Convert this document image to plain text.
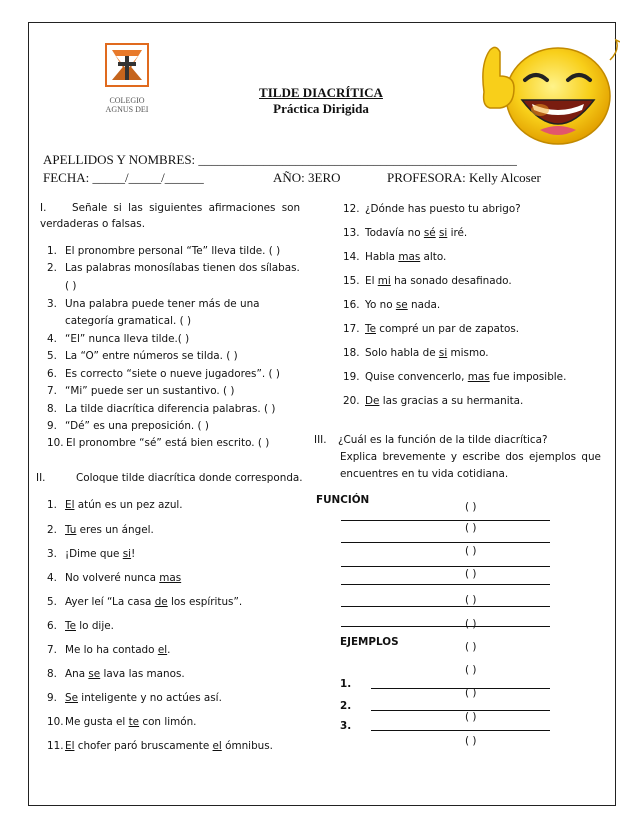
COLEGIO
AGNUS DEI
TILDE DIACRÍTICA
Práctica Dirigida
APELLIDOS Y NOMBRES: _________________________________________________
FECHA: _____/_____/______	AÑO: 3ERO	PROFESORA: Kelly Alcoser
I. Señale si las siguientes afirmaciones son
verdaderas o falsas.
1. El pronombre personal “Te” lleva tilde. ( )
2. Las palabras monosílabas tienen dos sílabas.
( )
3. Una palabra puede tener más de una
categoría gramatical. ( )
4. “El” nunca lleva tilde.( )
5. La “O” entre números se tilda. ( )
6. Es correcto “siete o nueve jugadores”. ( )
7. “Mi” puede ser un sustantivo. ( )
8. La tilde diacrítica diferencia palabras. ( )
9. “Dé” es una preposición. ( )
10. El pronombre “sé” está bien escrito. ( )
II.	Coloque tilde diacrítica donde corresponda.
1. El atún es un pez azul.
2. Tu eres un ángel.
3. ¡Dime que si!
4. No volveré nunca mas
5. Ayer leí “La casa de los espíritus”.
6. Te lo dije.
7. Me lo ha contado el.
8. Ana se lava las manos.
9. Se inteligente y no actúes así.
10.Me gusta el te con limón.
11.El chofer paró bruscamente el ómnibus.
12. ¿Dónde has puesto tu abrigo?
13. Todavía no sé si iré.
14. Habla mas alto.
15. El mi ha sonado desafinado.
16. Yo no se nada.
17. Te compré un par de zapatos.
18. Solo habla de si mismo.
19. Quise convencerlo, mas fue imposible.
20. De las gracias a su hermanita.
III. ¿Cuál es la función de la tilde diacrítica?
Explica brevemente y escribe dos ejemplos que
encuentres en tu vida cotidiana.
FUNCIÓN
EJEMPLOS
( )
( )
( )
( )
( )
( )
( )
( )
( )
( )
( )
1.
2.
3.
